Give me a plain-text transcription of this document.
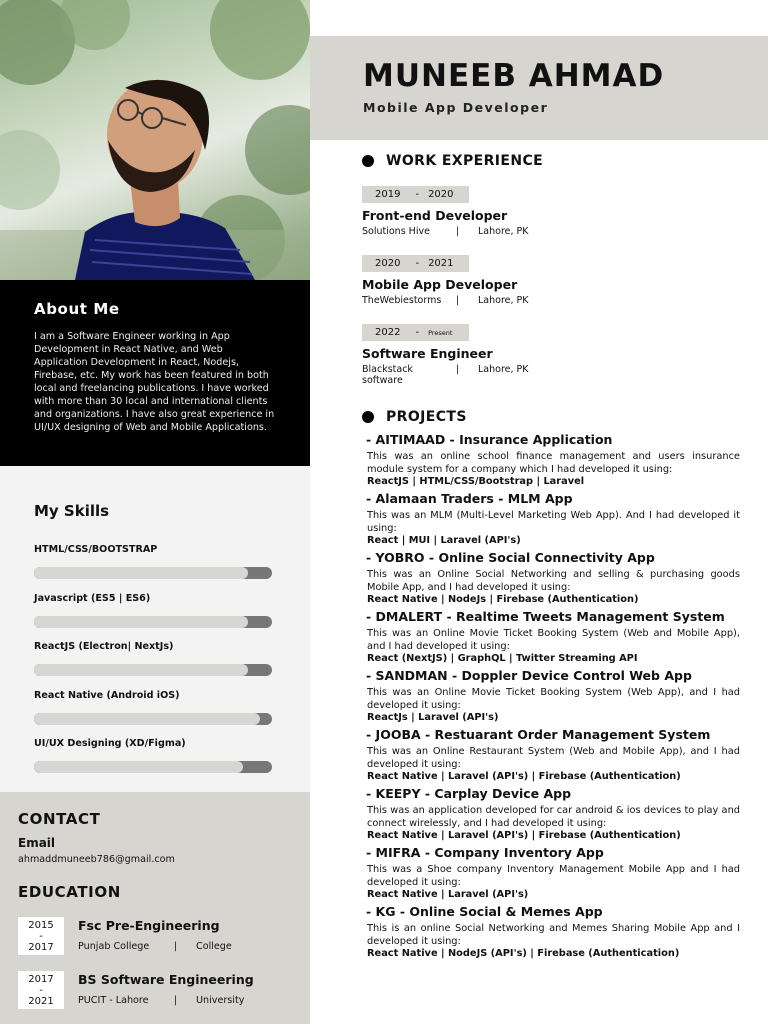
About Me

I am a Software Engineer working in App Development in React Native, and Web Application Development in React, Nodejs, Firebase, etc. My work has been featured in both local and freelancing publications. I have worked with more than 30 local and international clients and organizations. I have also great experience in UI/UX designing of Web and Mobile Applications.

My Skills
HTML/CSS/BOOTSTRAP
Javascript (ES5 | ES6)
ReactJS (Electron| NextJs)
React Native (Android iOS)
UI/UX Designing (XD/Figma)
CONTACT
Email
ahmaddmuneeb786@gmail.com
EDUCATION
2015
-
2017
Fsc Pre-Engineering
Punjab College	|	College
2017
-
2021
BS Software Engineering
PUCIT - Lahore	|	University
MUNEEB AHMAD
Mobile App Developer
WORK EXPERIENCE
2019 - 2020
Front-end Developer
Solutions Hive	|	Lahore, PK
2020 - 2021
Mobile App Developer
TheWebiestorms	|	Lahore, PK
2022 - Present
Software Engineer
Blackstack software
|	Lahore, PK
PROJECTS
- AITIMAAD - Insurance Application

This was an online school finance management and users insurance module system for a company which I had developed it using:

ReactJS | HTML/CSS/Bootstrap | Laravel
- Alamaan Traders - MLM App

This was an MLM (Multi-Level Marketing Web App). And I had developed it using:

React | MUI | Laravel (API's)
- YOBRO - Online Social Connectivity App

This was an Online Social Networking and selling & purchasing goods Mobile App, and I had developed it using:

React Native | NodeJs | Firebase (Authentication)
- DMALERT - Realtime Tweets Management System

This was an Online Movie Ticket Booking System (Web and Mobile App), and I had developed it using:

React (NextJS) | GraphQL | Twitter Streaming API
- SANDMAN - Doppler Device Control Web App

This was an Online Movie Ticket Booking System (Web App), and I had developed it using:

ReactJs | Laravel (API's)
- JOOBA - Restuarant Order Management System

This was an Online Restaurant System (Web and Mobile App), and I had developed it using:

React Native | Laravel (API's) | Firebase (Authentication)
- KEEPY - Carplay Device App

This was an application developed for car android & ios devices to play and connect wirelessly, and I had developed it using:

React Native | Laravel (API's) | Firebase (Authentication)
- MIFRA - Company Inventory App

This was a Shoe company Inventory Management Mobile App and I had developed it using:

React Native | Laravel (API's)
- KG - Online Social & Memes App

This is an online Social Networking and Memes Sharing Mobile App and I developed it using:

React Native | NodeJS (API's) | Firebase (Authentication)
